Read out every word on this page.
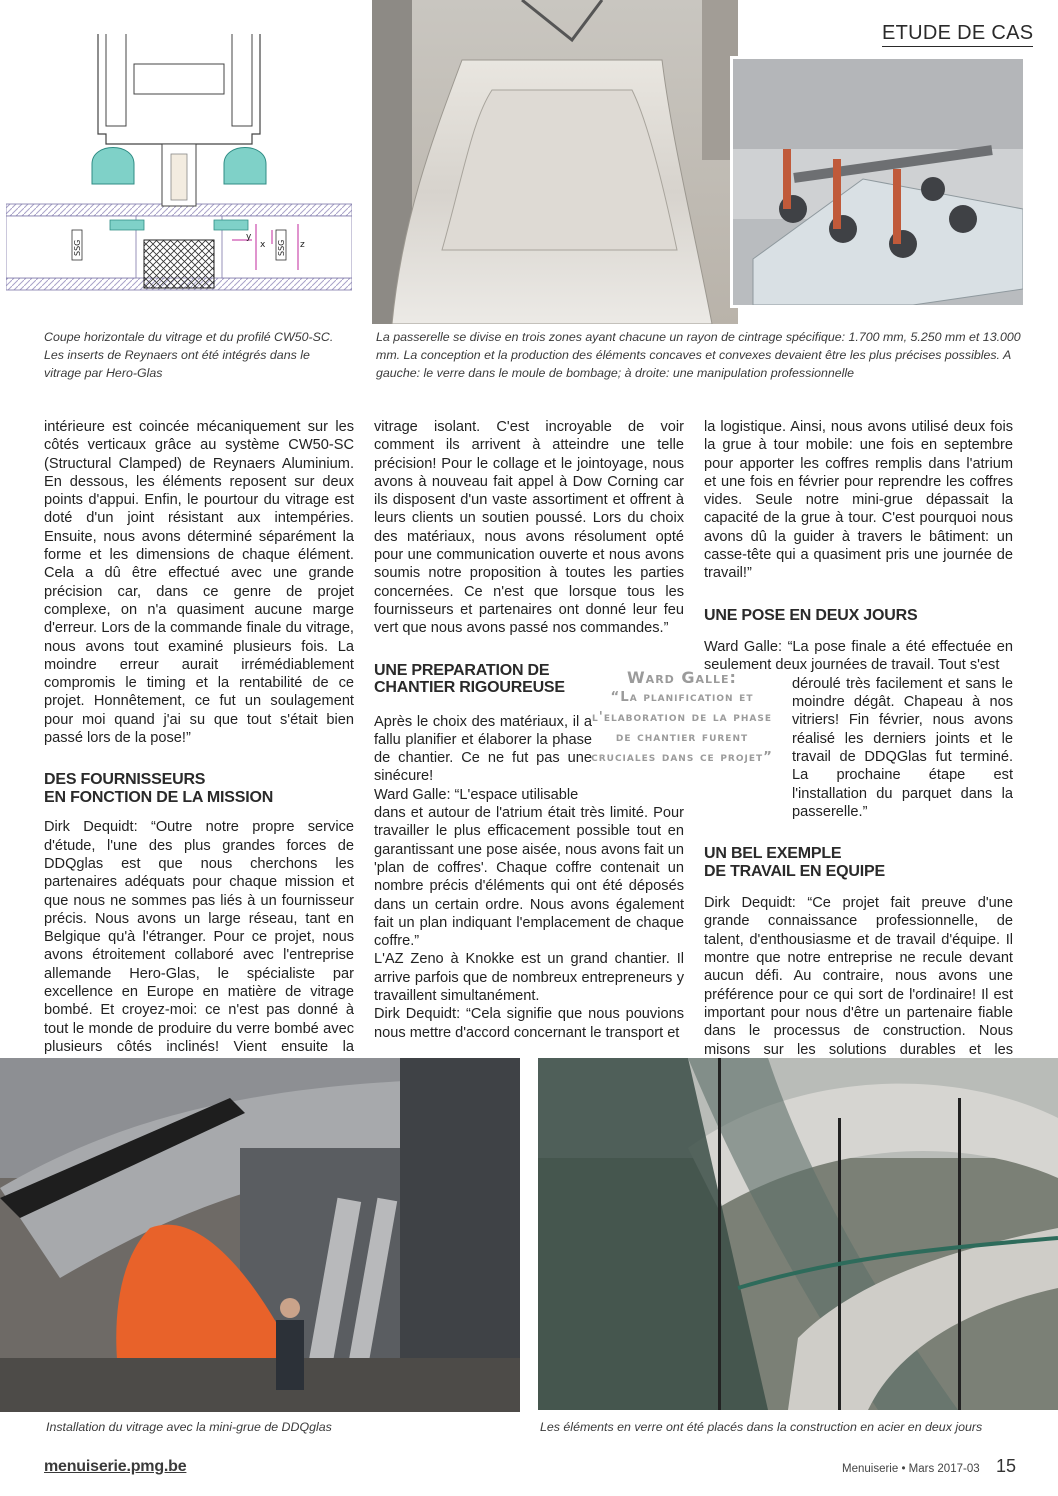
ETUDE DE CAS
SSG	SSG
y
x	z
Coupe horizontale du vitrage et du profilé CW50-SC. Les inserts de Reynaers ont été intégrés dans le vitrage par Hero-Glas
La passerelle se divise en trois zones ayant chacune un rayon de cintrage spécifique: 1.700 mm, 5.250 mm et 13.000 mm. La conception et la production des éléments concaves et convexes devaient être les plus précises possibles. A gauche: le verre dans le moule de bombage; à droite: une manipulation professionnelle

intérieure est coincée mécaniquement sur les côtés verticaux grâce au système CW50-SC (Structural Clamped) de Reynaers Aluminium. En dessous, les éléments reposent sur deux points d'appui. Enfin, le pourtour du vitrage est doté d'un joint résistant aux intempéries. Ensuite, nous avons déterminé séparément la forme et les dimensions de chaque élément. Cela a dû être effectué avec une grande précision car, dans ce genre de projet complexe, on n'a quasiment aucune marge d'erreur. Lors de la commande finale du vitrage, nous avons tout examiné plusieurs fois. La moindre erreur aurait irrémédiablement compromis le timing et la rentabilité de ce projet. Honnêtement, ce fut un soulagement pour moi quand j'ai su que tout s'était bien passé lors de la pose!”

DES FOURNISSEURS
EN FONCTION DE LA MISSION

Dirk Dequidt: “Outre notre propre service d'étude, l'une des plus grandes forces de DDQglas est que nous cherchons les partenaires adéquats pour chaque mission et que nous ne sommes pas liés à un fournisseur précis. Nous avons un large réseau, tant en Belgique qu'à l'étranger. Pour ce projet, nous avons étroitement collaboré avec l'entreprise allemande Hero-Glas, le spécialiste par excellence en Europe en matière de vitrage bombé. Et croyez-moi: ce n'est pas donné à tout le monde de produire du verre bombé avec plusieurs côtés inclinés! Vient ensuite la

vitrage isolant. C'est incroyable de voir comment ils arrivent à atteindre une telle précision! Pour le collage et le jointoyage, nous avons à nouveau fait appel à Dow Corning car ils disposent d'un vaste assortiment et offrent à leurs clients un soutien poussé. Lors du choix des matériaux, nous avons résolument opté pour une communication ouverte et nous avons soumis notre proposition à toutes les parties concernées. Ce n'est que lorsque tous les fournisseurs et partenaires ont donné leur feu vert que nous avons passé nos commandes.”

UNE PREPARATION DE
CHANTIER RIGOUREUSE

Après le choix des matériaux, il a fallu planifier et élaborer la phase de chantier. Ce ne fut pas une sinécure!

Ward Galle: “L'espace utilisable

dans et autour de l'atrium était très limité. Pour travailler le plus efficacement possible tout en garantissant une pose aisée, nous avons fait un 'plan de coffres'. Chaque coffre contenait un nombre précis d'éléments qui ont été déposés dans un certain ordre. Nous avons également fait un plan indiquant l'emplacement de chaque coffre.”

L'AZ Zeno à Knokke est un grand chantier. Il arrive parfois que de nombreux entrepreneurs y travaillent simultanément.

Dirk Dequidt: “Cela signifie que nous pouvions nous mettre d'accord concernant le transport et

Ward Galle:
“La planification et l'elaboration de la phase de chantier furent cruciales dans ce projet”

la logistique. Ainsi, nous avons utilisé deux fois la grue à tour mobile: une fois en septembre pour apporter les coffres remplis dans l'atrium et une fois en février pour reprendre les coffres vides. Seule notre mini-grue dépassait la capacité de la grue à tour. C'est pourquoi nous avons dû la guider à travers le bâtiment: un casse-tête qui a quasiment pris une journée de travail!”

UNE POSE EN DEUX JOURS

Ward Galle: “La pose finale a été effectuée en seulement deux journées de travail. Tout s'est

déroulé très facilement et sans le moindre dégât. Chapeau à nos vitriers! Fin février, nous avons réalisé les derniers joints et le travail de DDQGlas fut terminé. La prochaine étape est l'installation du parquet dans la passerelle.”

UN BEL EXEMPLE
DE TRAVAIL EN EQUIPE

Dirk Dequidt: “Ce projet fait preuve d'une grande connaissance professionnelle, de talent, d'enthousiasme et de travail d'équipe. Il montre que notre entreprise ne recule devant aucun défi. Au contraire, nous avons une préférence pour ce qui sort de l'ordinaire! Il est important pour nous d'être un partenaire fiable dans le processus de construction. Nous misons sur les solutions durables et les

Installation du vitrage avec la mini-grue de DDQglas	Les éléments en verre ont été placés dans la construction en acier en deux jours
menuiserie.pmg.be	Menuiserie • Mars 2017-03 15
